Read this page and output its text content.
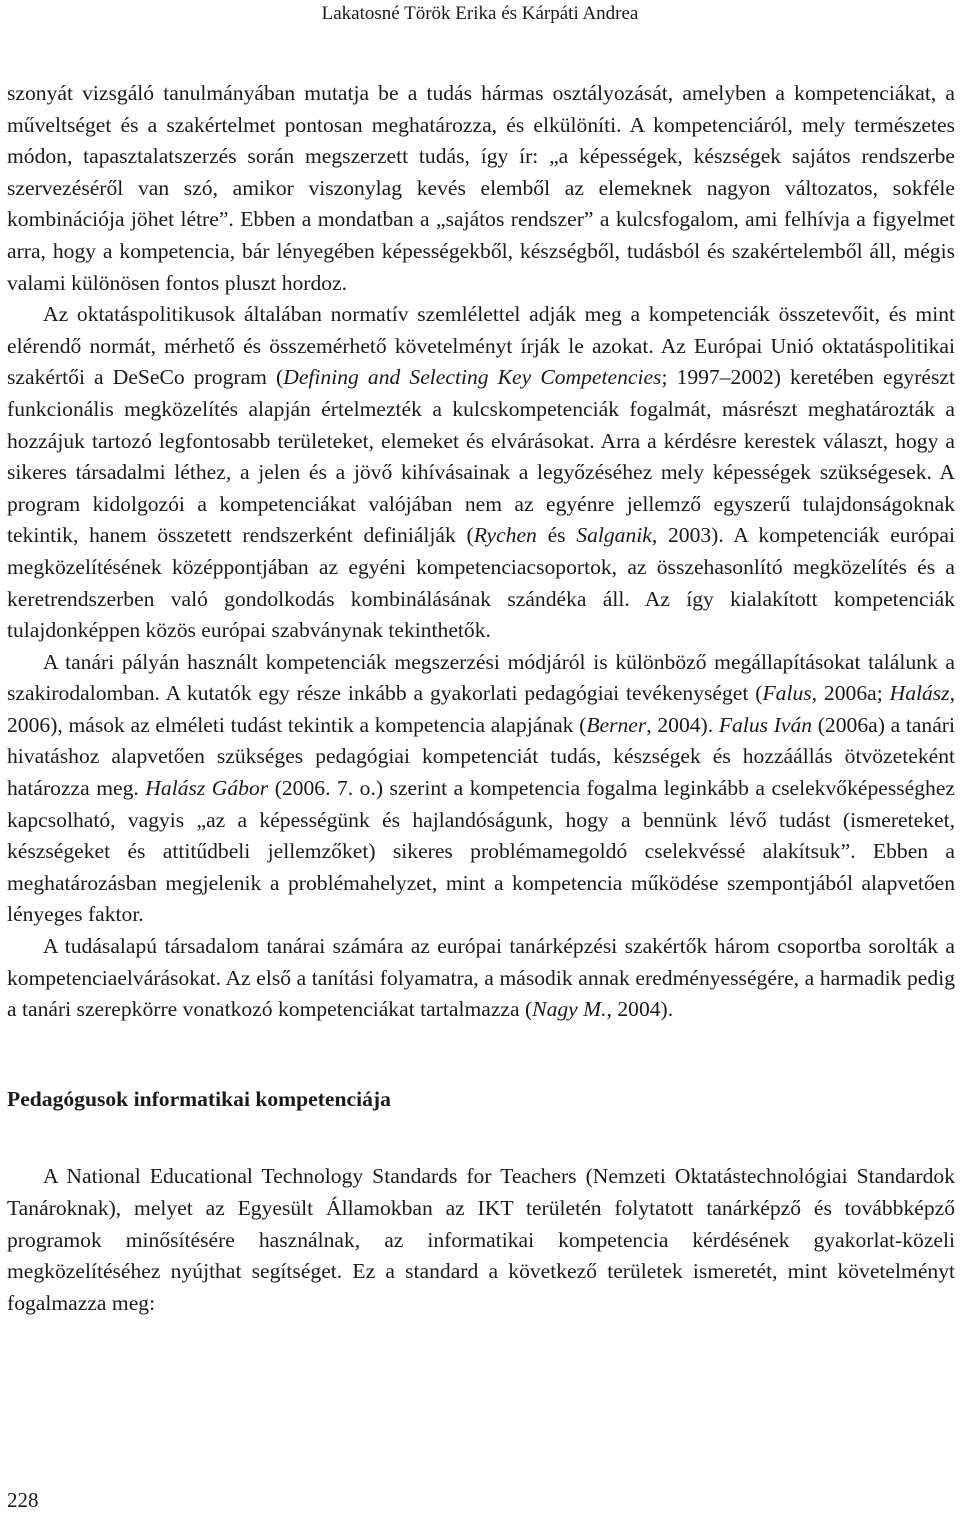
Lakatosné Török Erika és Kárpáti Andrea

szonyát vizsgáló tanulmányában mutatja be a tudás hármas osztályozását, amelyben a kompetenciákat, a műveltséget és a szakértelmet pontosan meghatározza, és elkülöníti. A kompetenciáról, mely természetes módon, tapasztalatszerzés során megszerzett tudás, így ír: „a képességek, készségek sajátos rendszerbe szervezéséről van szó, amikor viszonylag kevés elemből az elemeknek nagyon változatos, sokféle kombinációja jöhet létre”. Ebben a mondatban a „sajátos rendszer” a kulcsfogalom, ami felhívja a figyelmet arra, hogy a kompetencia, bár lényegében képességekből, készségből, tudásból és szakértelemből áll, mégis valami különösen fontos pluszt hordoz.

Az oktatáspolitikusok általában normatív szemlélettel adják meg a kompetenciák összetevőit, és mint elérendő normát, mérhető és összemérhető követelményt írják le azokat. Az Európai Unió oktatáspolitikai szakértői a DeSeCo program (Defining and Selecting Key Competencies; 1997–2002) keretében egyrészt funkcionális megközelítés alapján értelmezték a kulcskompetenciák fogalmát, másrészt meghatározták a hozzájuk tartozó legfontosabb területeket, elemeket és elvárásokat. Arra a kérdésre kerestek választ, hogy a sikeres társadalmi léthez, a jelen és a jövő kihívásainak a legyőzéséhez mely képességek szükségesek. A program kidolgozói a kompetenciákat valójában nem az egyénre jellemző egyszerű tulajdonságoknak tekintik, hanem összetett rendszerként definiálják (Rychen és Salganik, 2003). A kompetenciák európai megközelítésének középpontjában az egyéni kompetenciacsoportok, az összehasonlító megközelítés és a keretrendszerben való gondolkodás kombinálásának szándéka áll. Az így kialakított kompetenciák tulajdonképpen közös európai szabványnak tekinthetők.

A tanári pályán használt kompetenciák megszerzési módjáról is különböző megállapításokat találunk a szakirodalomban. A kutatók egy része inkább a gyakorlati pedagógiai tevékenységet (Falus, 2006a; Halász, 2006), mások az elméleti tudást tekintik a kompetencia alapjának (Berner, 2004). Falus Iván (2006a) a tanári hivatáshoz alapvetően szükséges pedagógiai kompetenciát tudás, készségek és hozzáállás ötvözeteként határozza meg. Halász Gábor (2006. 7. o.) szerint a kompetencia fogalma leginkább a cselekvőképességhez kapcsolható, vagyis „az a képességünk és hajlandóságunk, hogy a bennünk lévő tudást (ismereteket, készségeket és attitűdbeli jellemzőket) sikeres problémamegoldó cselekvéssé alakítsuk”. Ebben a meghatározásban megjelenik a problémahelyzet, mint a kompetencia működése szempontjából alapvetően lényeges faktor.

A tudásalapú társadalom tanárai számára az európai tanárképzési szakértők három csoportba sorolták a kompetenciaelvárásokat. Az első a tanítási folyamatra, a második annak eredményességére, a harmadik pedig a tanári szerepkörre vonatkozó kompetenciákat tartalmazza (Nagy M., 2004).

Pedagógusok informatikai kompetenciája

A National Educational Technology Standards for Teachers (Nemzeti Oktatástechnológiai Standardok Tanároknak), melyet az Egyesült Államokban az IKT területén folytatott tanárképző és továbbképző programok minősítésére használnak, az informatikai kompetencia kérdésének gyakorlat-közeli megközelítéséhez nyújthat segítséget. Ez a standard a következő területek ismeretét, mint követelményt fogalmazza meg:

228
